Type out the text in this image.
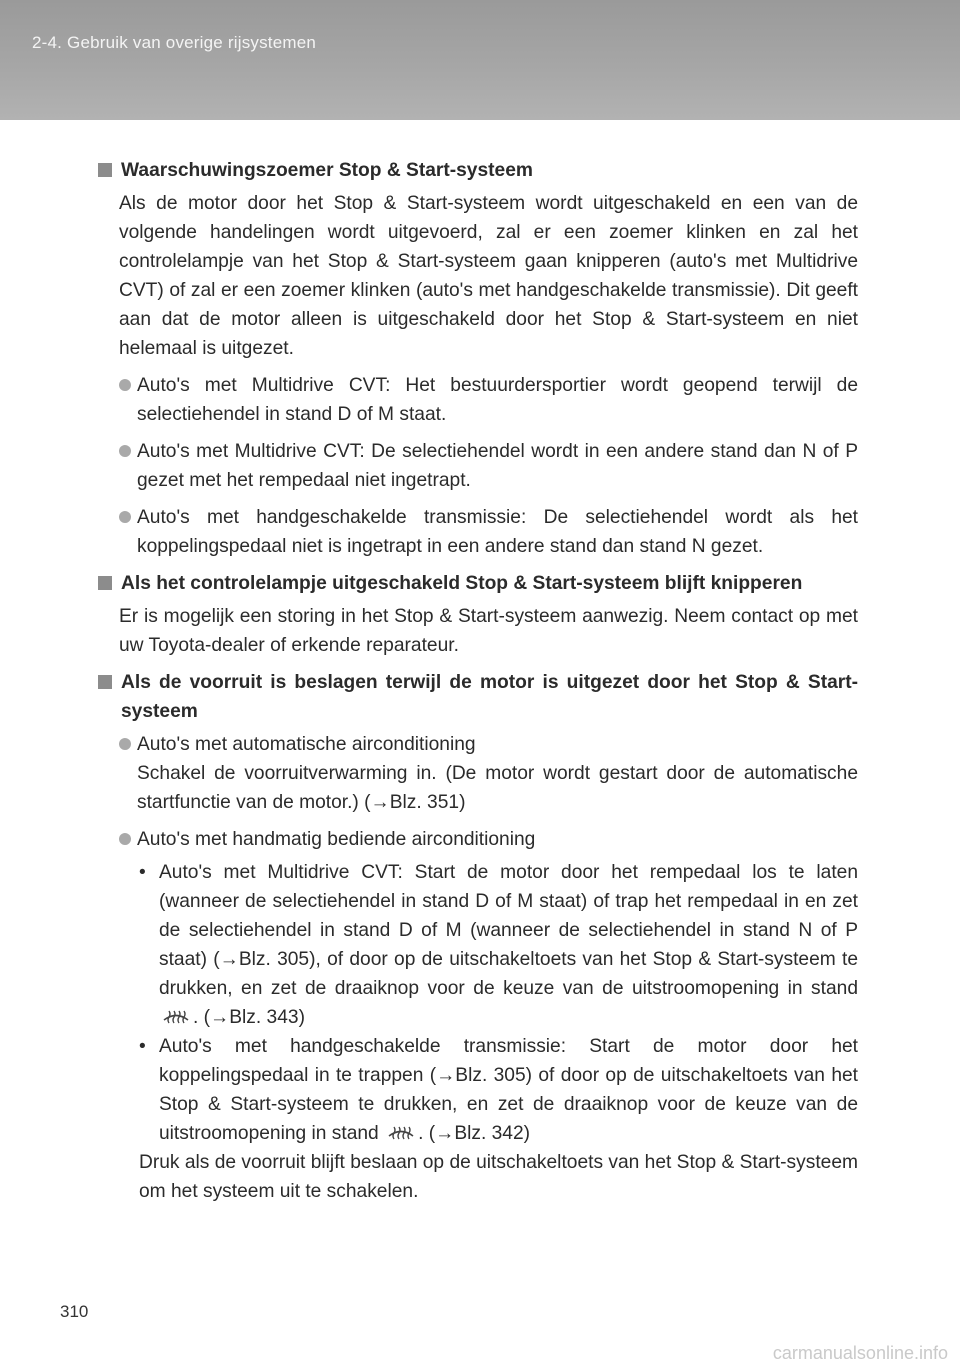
2-4. Gebruik van overige rijsystemen
Waarschuwingszoemer Stop & Start-systeem
Als de motor door het Stop & Start-systeem wordt uitgeschakeld en een van de volgende handelingen wordt uitgevoerd, zal er een zoemer klinken en zal het controlelampje van het Stop & Start-systeem gaan knipperen (auto's met Multidrive CVT) of zal er een zoemer klinken (auto's met handgeschakelde transmissie). Dit geeft aan dat de motor alleen is uitgeschakeld door het Stop & Start-systeem en niet helemaal is uitgezet.
Auto's met Multidrive CVT: Het bestuurdersportier wordt geopend terwijl de selectiehendel in stand D of M staat.
Auto's met Multidrive CVT: De selectiehendel wordt in een andere stand dan N of P gezet met het rempedaal niet ingetrapt.
Auto's met handgeschakelde transmissie: De selectiehendel wordt als het koppelingspedaal niet is ingetrapt in een andere stand dan stand N gezet.
Als het controlelampje uitgeschakeld Stop & Start-systeem blijft knipperen
Er is mogelijk een storing in het Stop & Start-systeem aanwezig. Neem contact op met uw Toyota-dealer of erkende reparateur.
Als de voorruit is beslagen terwijl de motor is uitgezet door het Stop & Start-systeem
Auto's met automatische airconditioning
Schakel de voorruitverwarming in. (De motor wordt gestart door de automatische startfunctie van de motor.) (→Blz. 351)
Auto's met handmatig bediende airconditioning
• Auto's met Multidrive CVT: Start de motor door het rempedaal los te laten (wanneer de selectiehendel in stand D of M staat) of trap het rempedaal in en zet de selectiehendel in stand D of M (wanneer de selectiehendel in stand N of P staat) (→Blz. 305), of door op de uitschakeltoets van het Stop & Start-systeem te drukken, en zet de draaiknop voor de keuze van de uitstroomopening in stand . (→Blz. 343)
• Auto's met handgeschakelde transmissie: Start de motor door het koppelingspedaal in te trappen (→Blz. 305) of door op de uitschakeltoets van het Stop & Start-systeem te drukken, en zet de draaiknop voor de keuze van de uitstroomopening in stand . (→Blz. 342)
Druk als de voorruit blijft beslaan op de uitschakeltoets van het Stop & Start-systeem om het systeem uit te schakelen.
310
carmanualsonline.info
